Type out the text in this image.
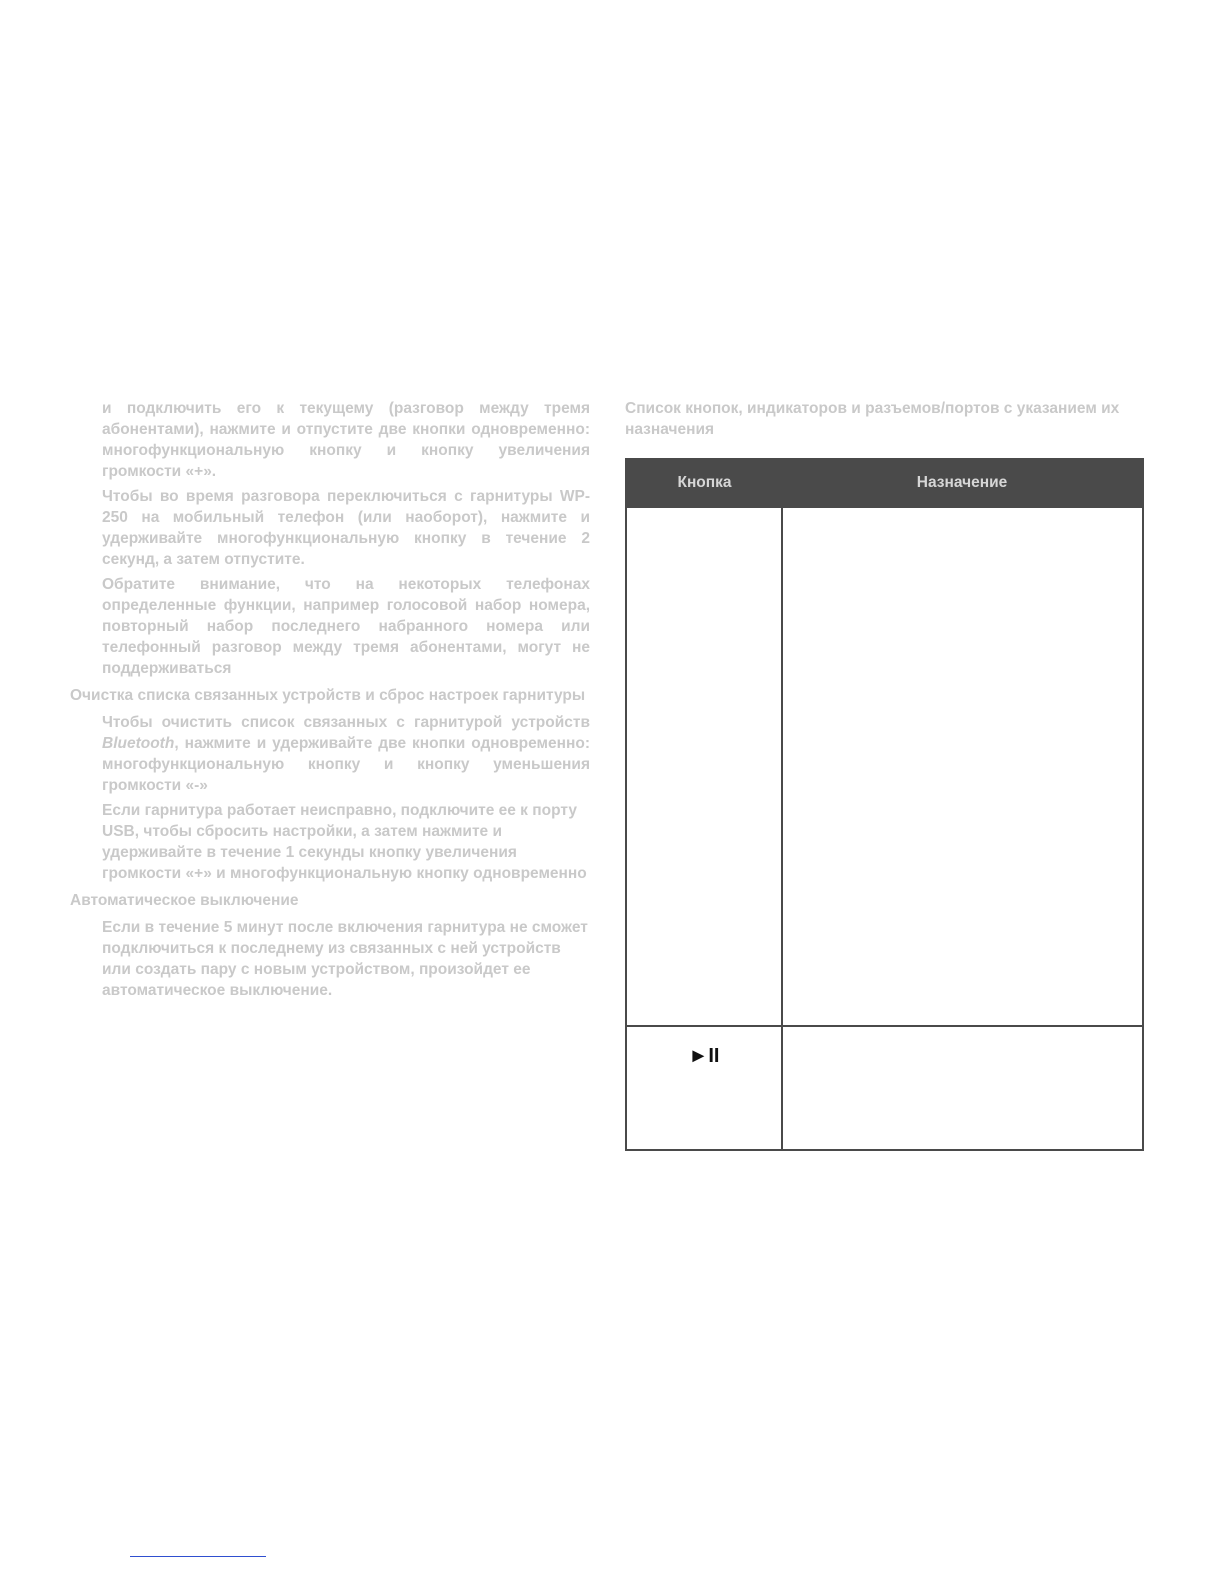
и подключить его к текущему (разговор между тремя абонентами), нажмите и отпустите две кнопки одновременно: многофункциональную кнопку и кнопку увеличения громкости «+».

Чтобы во время разговора переключиться с гарнитуры WP-250 на мобильный телефон (или наоборот), нажмите и удерживайте многофункциональную кнопку в течение 2 секунд, а затем отпустите.

Обратите внимание, что на некоторых телефонах определенные функции, например голосовой набор номера, повторный набор последнего набранного номера или телефонный разговор между тремя абонентами, могут не поддерживаться

Очистка списка связанных устройств и сброс настроек гарнитуры

Чтобы очистить список связанных с гарнитурой устройств Bluetooth, нажмите и удерживайте две кнопки одновременно: многофункциональную кнопку и кнопку уменьшения громкости «-»

Если гарнитура работает неисправно, подключите ее к порту USB, чтобы сбросить настройки, а затем нажмите и удерживайте в течение 1 секунды кнопку увеличения громкости «+» и многофункциональную кнопку одновременно

Автоматическое выключение

Если в течение 5 минут после включения гарнитура не сможет подключиться к последнему из связанных с ней устройств или создать пару с новым устройством, произойдет ее автоматическое выключение.

Список кнопок, индикаторов и разъемов/портов с указанием их назначения
Кнопка	Назначение

►II	
